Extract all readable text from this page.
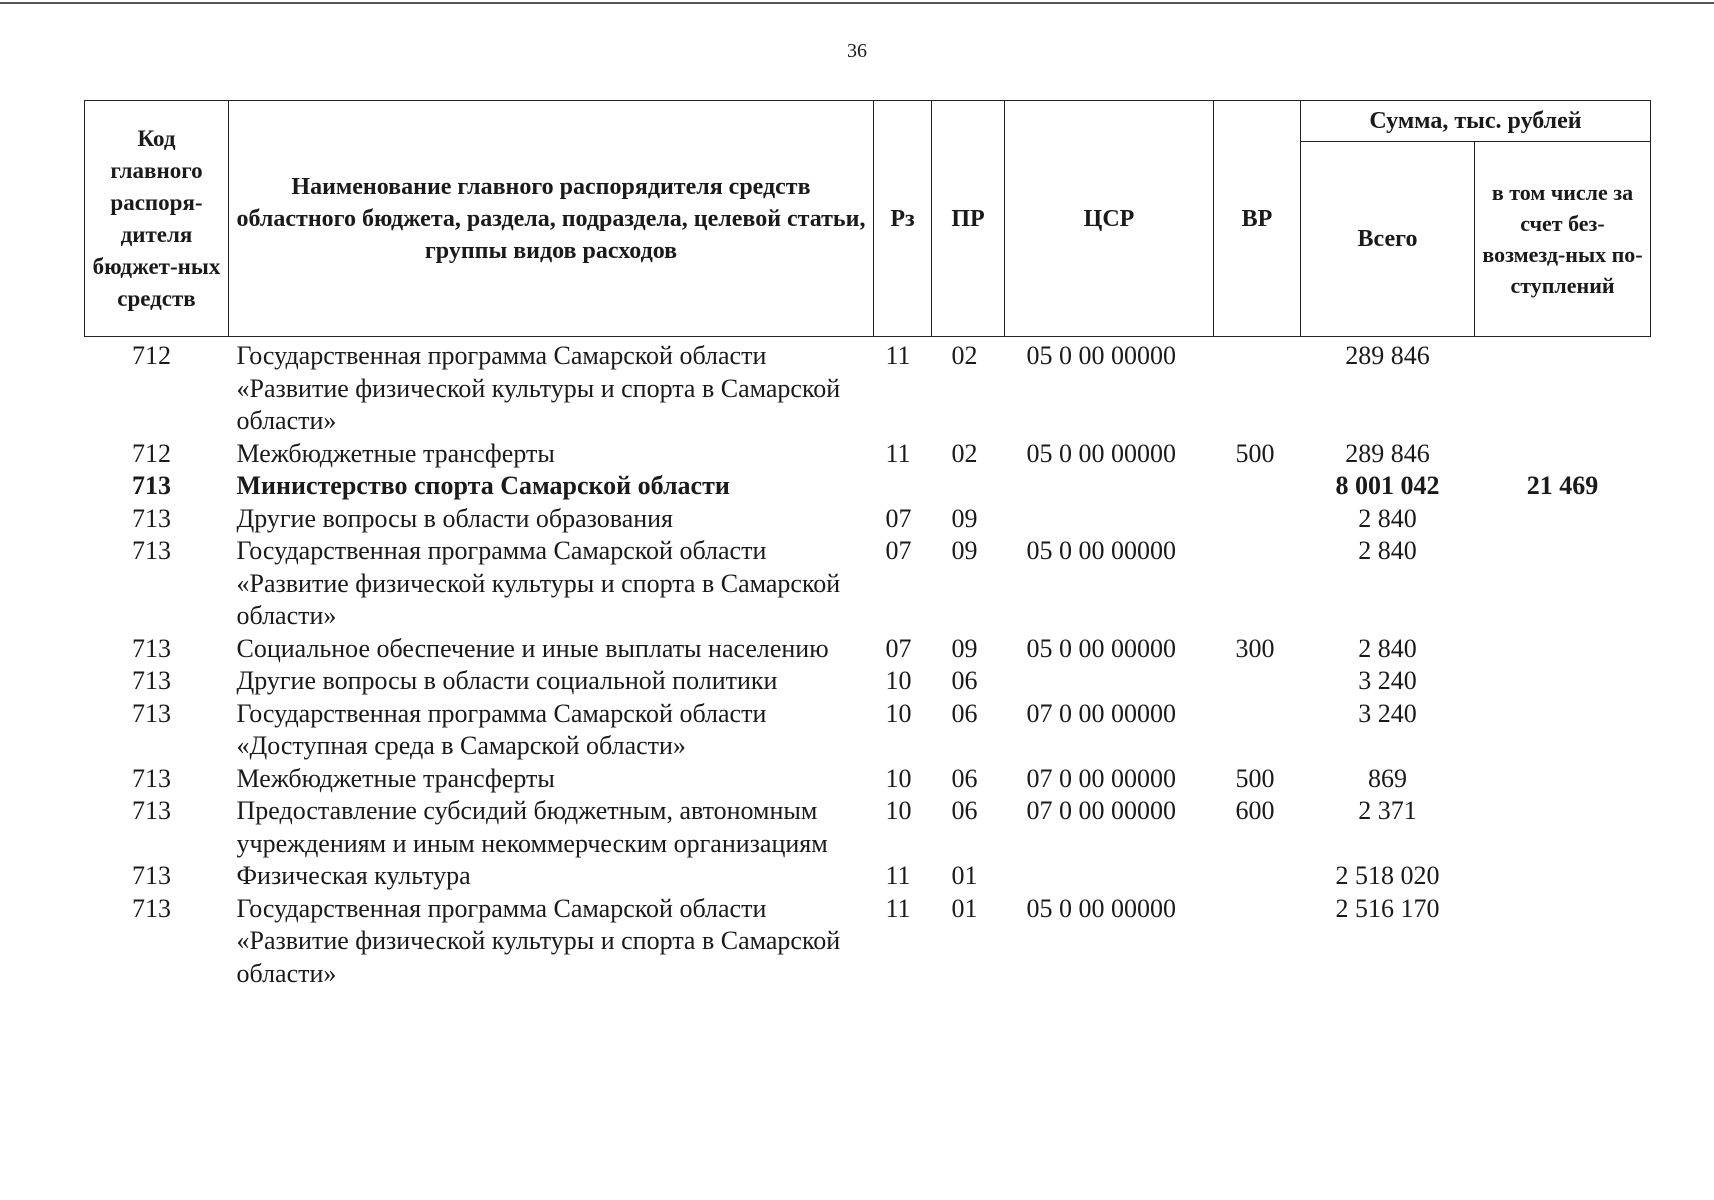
36
Код главного распоря-дителя бюджет-ных средств	Наименование главного распорядителя средств областного бюджета, раздела, подраздела, целевой статьи, группы видов расходов	Рз	ПР	ЦСР	ВР	Сумма, тыс. рублей	
						Всего	в том числе за счет без-возмезд-ных по-ступлений
712	Государственная программа Самарской области «Развитие физической культуры и спорта в Самарской области»	11	02	05 0 00 00000		289 846	
712	Межбюджетные трансферты	11	02	05 0 00 00000	500	289 846	
713	Министерство спорта Самарской области					8 001 042	21 469
713	Другие вопросы в области образования	07	09			2 840	
713	Государственная программа Самарской области «Развитие физической культуры и спорта в Самарской области»	07	09	05 0 00 00000		2 840	
713	Социальное обеспечение и иные выплаты населению	07	09	05 0 00 00000	300	2 840	
713	Другие вопросы в области социальной политики	10	06			3 240	
713	Государственная программа Самарской области «Доступная среда в Самарской области»	10	06	07 0 00 00000		3 240	
713	Межбюджетные трансферты	10	06	07 0 00 00000	500	869	
713	Предоставление субсидий бюджетным, автономным учреждениям и иным некоммерческим организациям	10	06	07 0 00 00000	600	2 371	
713	Физическая культура	11	01			2 518 020	
713	Государственная программа Самарской области «Развитие физической культуры и спорта в Самарской области»	11	01	05 0 00 00000		2 516 170	
